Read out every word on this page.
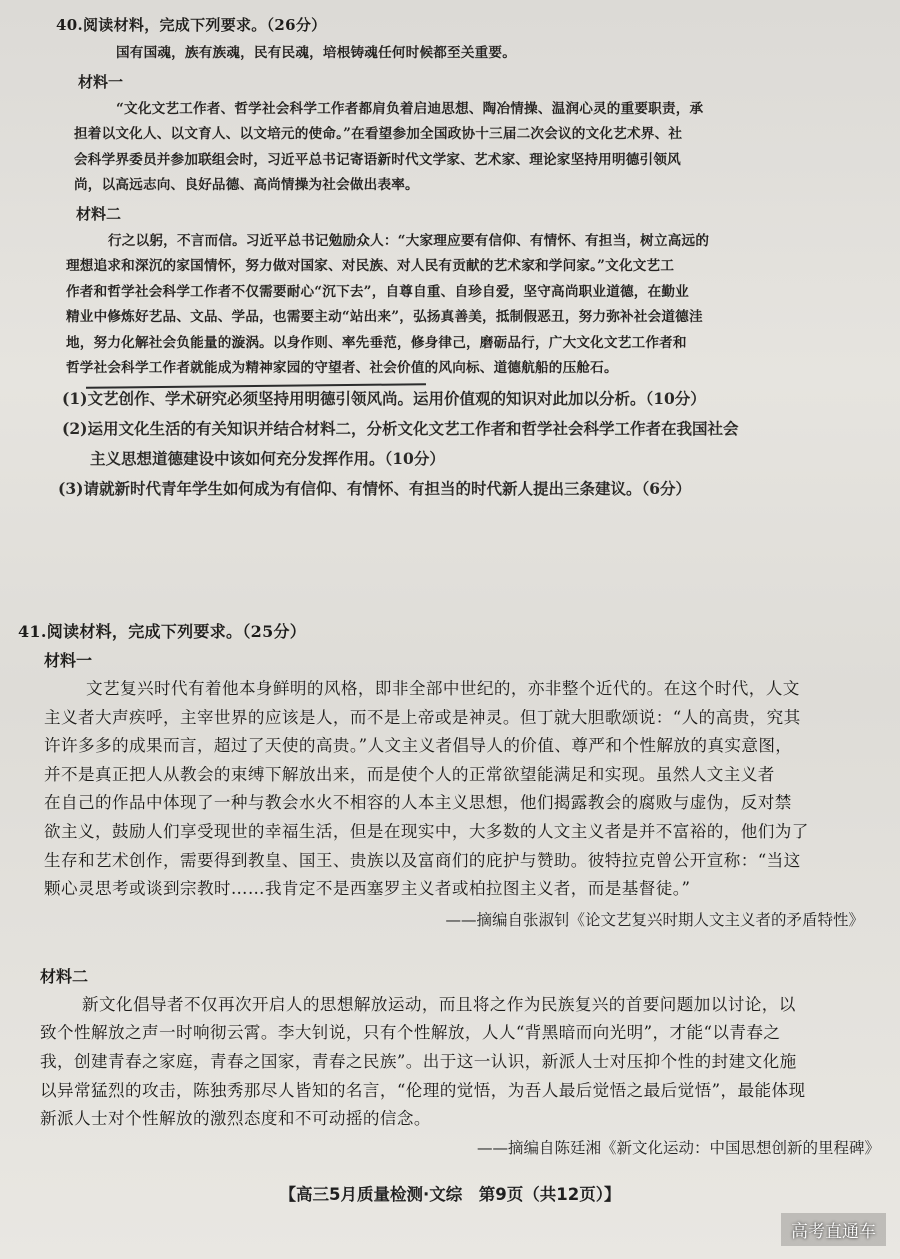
40.阅读材料，完成下列要求。（26分）
国有国魂，族有族魂，民有民魂，培根铸魂任何时候都至关重要。
材料一
“文化文艺工作者、哲学社会科学工作者都肩负着启迪思想、陶冶情操、温润心灵的重要职责，承
担着以文化人、以文育人、以文培元的使命。”在看望参加全国政协十三届二次会议的文化艺术界、社
会科学界委员并参加联组会时，习近平总书记寄语新时代文学家、艺术家、理论家坚持用明德引领风
尚，以高远志向、良好品德、高尚情操为社会做出表率。
材料二
行之以躬，不言而信。习近平总书记勉励众人：“大家理应要有信仰、有情怀、有担当，树立高远的
理想追求和深沉的家国情怀，努力做对国家、对民族、对人民有贡献的艺术家和学问家。”文化文艺工
作者和哲学社会科学工作者不仅需要耐心“沉下去”，自尊自重、自珍自爱，坚守高尚职业道德，在勤业
精业中修炼好艺品、文品、学品，也需要主动“站出来”，弘扬真善美，抵制假恶丑，努力弥补社会道德洼
地，努力化解社会负能量的漩涡。以身作则、率先垂范，修身律己，磨砺品行，广大文化文艺工作者和
哲学社会科学工作者就能成为精神家园的守望者、社会价值的风向标、道德航船的压舱石。
(1)文艺创作、学术研究必须坚持用明德引领风尚。运用价值观的知识对此加以分析。（10分）
(2)运用文化生活的有关知识并结合材料二，分析文化文艺工作者和哲学社会科学工作者在我国社会
主义思想道德建设中该如何充分发挥作用。（10分）
(3)请就新时代青年学生如何成为有信仰、有情怀、有担当的时代新人提出三条建议。（6分）
41.阅读材料，完成下列要求。（25分）
材料一
文艺复兴时代有着他本身鲜明的风格，即非全部中世纪的，亦非整个近代的。在这个时代，人文
主义者大声疾呼，主宰世界的应该是人，而不是上帝或是神灵。但丁就大胆歌颂说：“人的高贵，究其
许许多多的成果而言，超过了天使的高贵。”人文主义者倡导人的价值、尊严和个性解放的真实意图，
并不是真正把人从教会的束缚下解放出来，而是使个人的正常欲望能满足和实现。虽然人文主义者
在自己的作品中体现了一种与教会水火不相容的人本主义思想，他们揭露教会的腐败与虚伪，反对禁
欲主义，鼓励人们享受现世的幸福生活，但是在现实中，大多数的人文主义者是并不富裕的，他们为了
生存和艺术创作，需要得到教皇、国王、贵族以及富商们的庇护与赞助。彼特拉克曾公开宣称：“当这
颗心灵思考或谈到宗教时……我肯定不是西塞罗主义者或柏拉图主义者，而是基督徒。”
——摘编自张淑钊《论文艺复兴时期人文主义者的矛盾特性》
材料二
新文化倡导者不仅再次开启人的思想解放运动，而且将之作为民族复兴的首要问题加以讨论，以
致个性解放之声一时响彻云霄。李大钊说，只有个性解放，人人“背黑暗而向光明”，才能“以青春之
我，创建青春之家庭，青春之国家，青春之民族”。出于这一认识，新派人士对压抑个性的封建文化施
以异常猛烈的攻击，陈独秀那尽人皆知的名言，“伦理的觉悟，为吾人最后觉悟之最后觉悟”，最能体现
新派人士对个性解放的激烈态度和不可动摇的信念。
——摘编自陈廷湘《新文化运动：中国思想创新的里程碑》
【高三5月质量检测·文综　第9页（共12页）】
高考直通车
